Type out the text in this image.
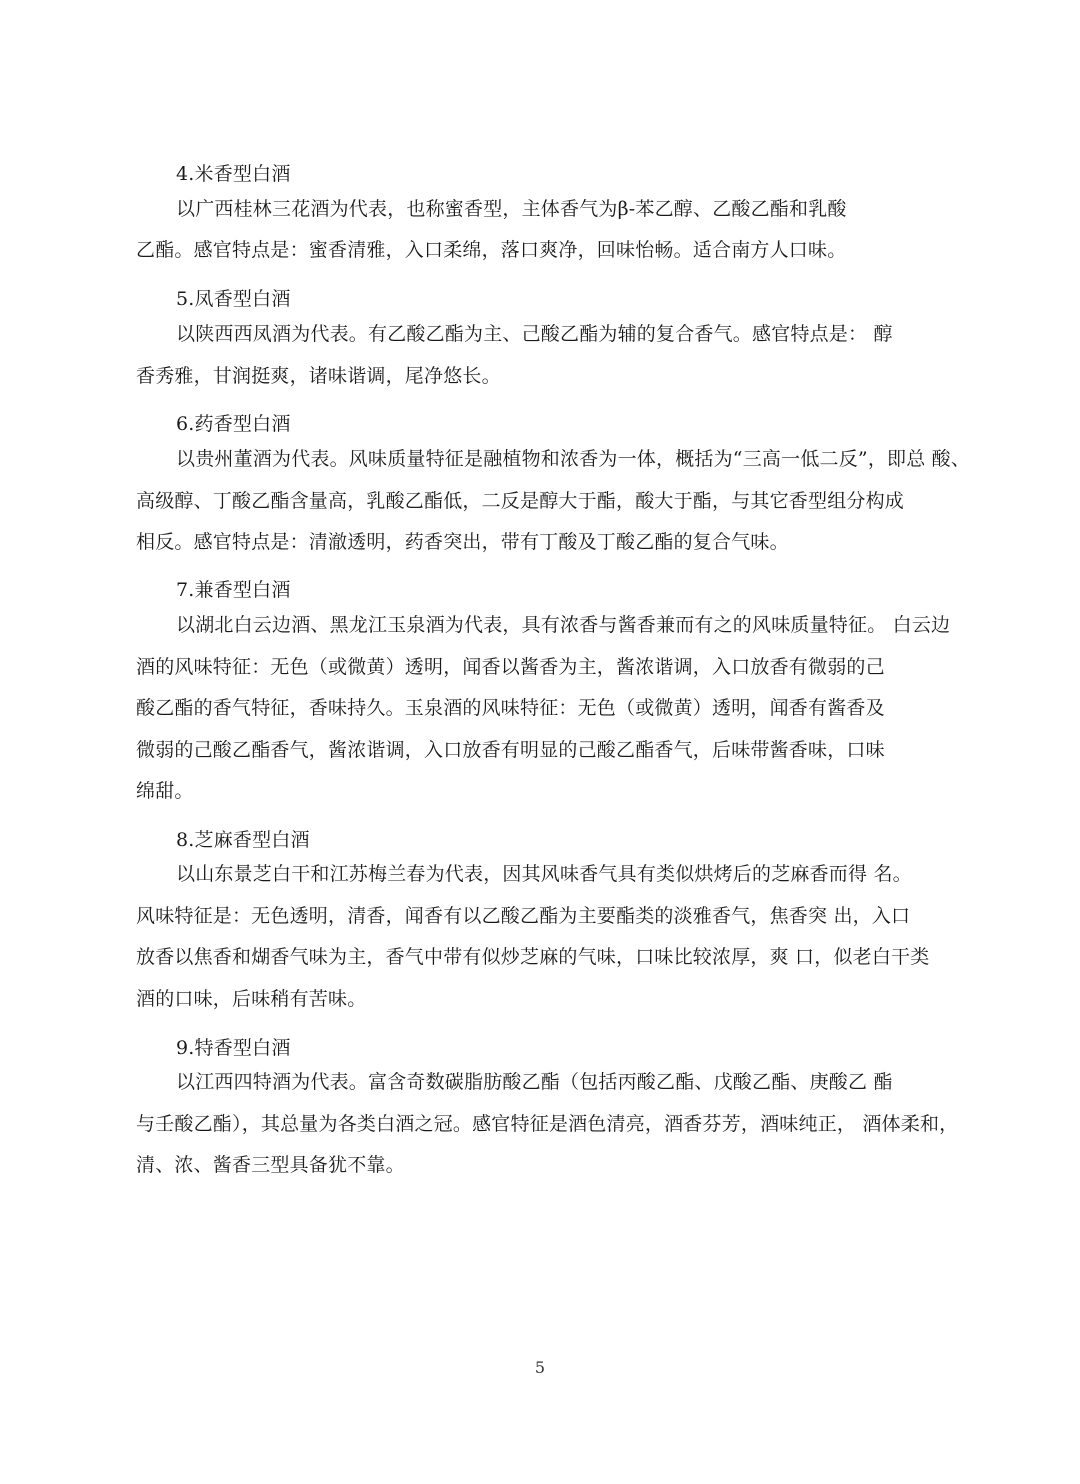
4.米香型白酒
以广西桂林三花酒为代表，也称蜜香型，主体香气为β-苯乙醇、乙酸乙酯和乳酸
乙酯。感官特点是：蜜香清雅，入口柔绵，落口爽净，回味怡畅。适合南方人口味。
5.凤香型白酒
以陕西西凤酒为代表。有乙酸乙酯为主、己酸乙酯为辅的复合香气。感官特点是： 醇
香秀雅，甘润挺爽，诸味谐调，尾净悠长。
6.药香型白酒
以贵州董酒为代表。风味质量特征是融植物和浓香为一体，概括为“三高一低二反”，即总 酸、
高级醇、丁酸乙酯含量高，乳酸乙酯低，二反是醇大于酯，酸大于酯，与其它香型组分构成
相反。感官特点是：清澈透明，药香突出，带有丁酸及丁酸乙酯的复合气味。
7.兼香型白酒
以湖北白云边酒、黑龙江玉泉酒为代表，具有浓香与酱香兼而有之的风味质量特征。 白云边
酒的风味特征：无色（或微黄）透明，闻香以酱香为主，酱浓谐调，入口放香有微弱的己
酸乙酯的香气特征，香味持久。玉泉酒的风味特征：无色（或微黄）透明，闻香有酱香及
微弱的己酸乙酯香气，酱浓谐调，入口放香有明显的己酸乙酯香气，后味带酱香味，口味
绵甜。
8.芝麻香型白酒
以山东景芝白干和江苏梅兰春为代表，因其风味香气具有类似烘烤后的芝麻香而得 名。
风味特征是：无色透明，清香，闻香有以乙酸乙酯为主要酯类的淡雅香气，焦香突 出，入口
放香以焦香和煳香气味为主，香气中带有似炒芝麻的气味，口味比较浓厚，爽 口，似老白干类
酒的口味，后味稍有苦味。
9.特香型白酒
以江西四特酒为代表。富含奇数碳脂肪酸乙酯（包括丙酸乙酯、戊酸乙酯、庚酸乙 酯
与壬酸乙酯），其总量为各类白酒之冠。感官特征是酒色清亮，酒香芬芳，酒味纯正， 酒体柔和，
清、浓、酱香三型具备犹不靠。
5
